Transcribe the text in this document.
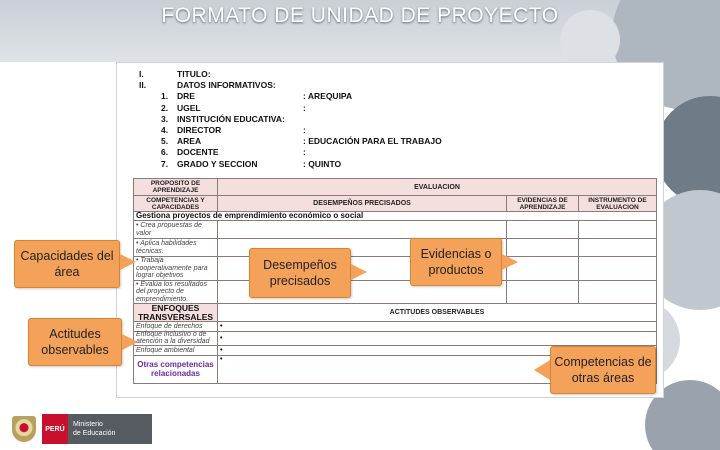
FORMATO DE UNIDAD DE PROYECTO
I.	TITULO:
II.	DATOS INFORMATIVOS:
1.	DRE	: AREQUIPA
2.	UGEL	:
3.	INSTITUCIÓN EDUCATIVA:
4.	DIRECTOR	:
5.	AREA	: EDUCACIÓN PARA EL TRABAJO
6.	DOCENTE	:
7.	GRADO Y SECCION	: QUINTO
PROPOSITO DE APRENDIZAJE	EVALUACION		
COMPETENCIAS Y CAPACIDADES	DESEMPEÑOS PRECISADOS	EVIDENCIAS DE APRENDIZAJE	INSTRUMENTO DE EVALUACION
Gestiona proyectos de emprendimiento económico o social			
• Crea propuestas de valor			
• Aplica habilidades técnicas.			
• Trabaja cooperativamente para lograr objetivos			
• Evalúa los resultados del proyecto de emprendimiento.			
ENFOQUES TRANSVERSALES	ACTITUDES OBSERVABLES		
Enfoque de derechos	•		
Enfoque inclusivo o de atención a la diversidad	•		
Enfoque ambiental	•		
Otras competencias relacionadas	•		
Capacidades del área
Actitudes observables
Desempeños precisados
Evidencias o productos
Competencias de otras áreas
PERÚ
Ministerio
de Educación
